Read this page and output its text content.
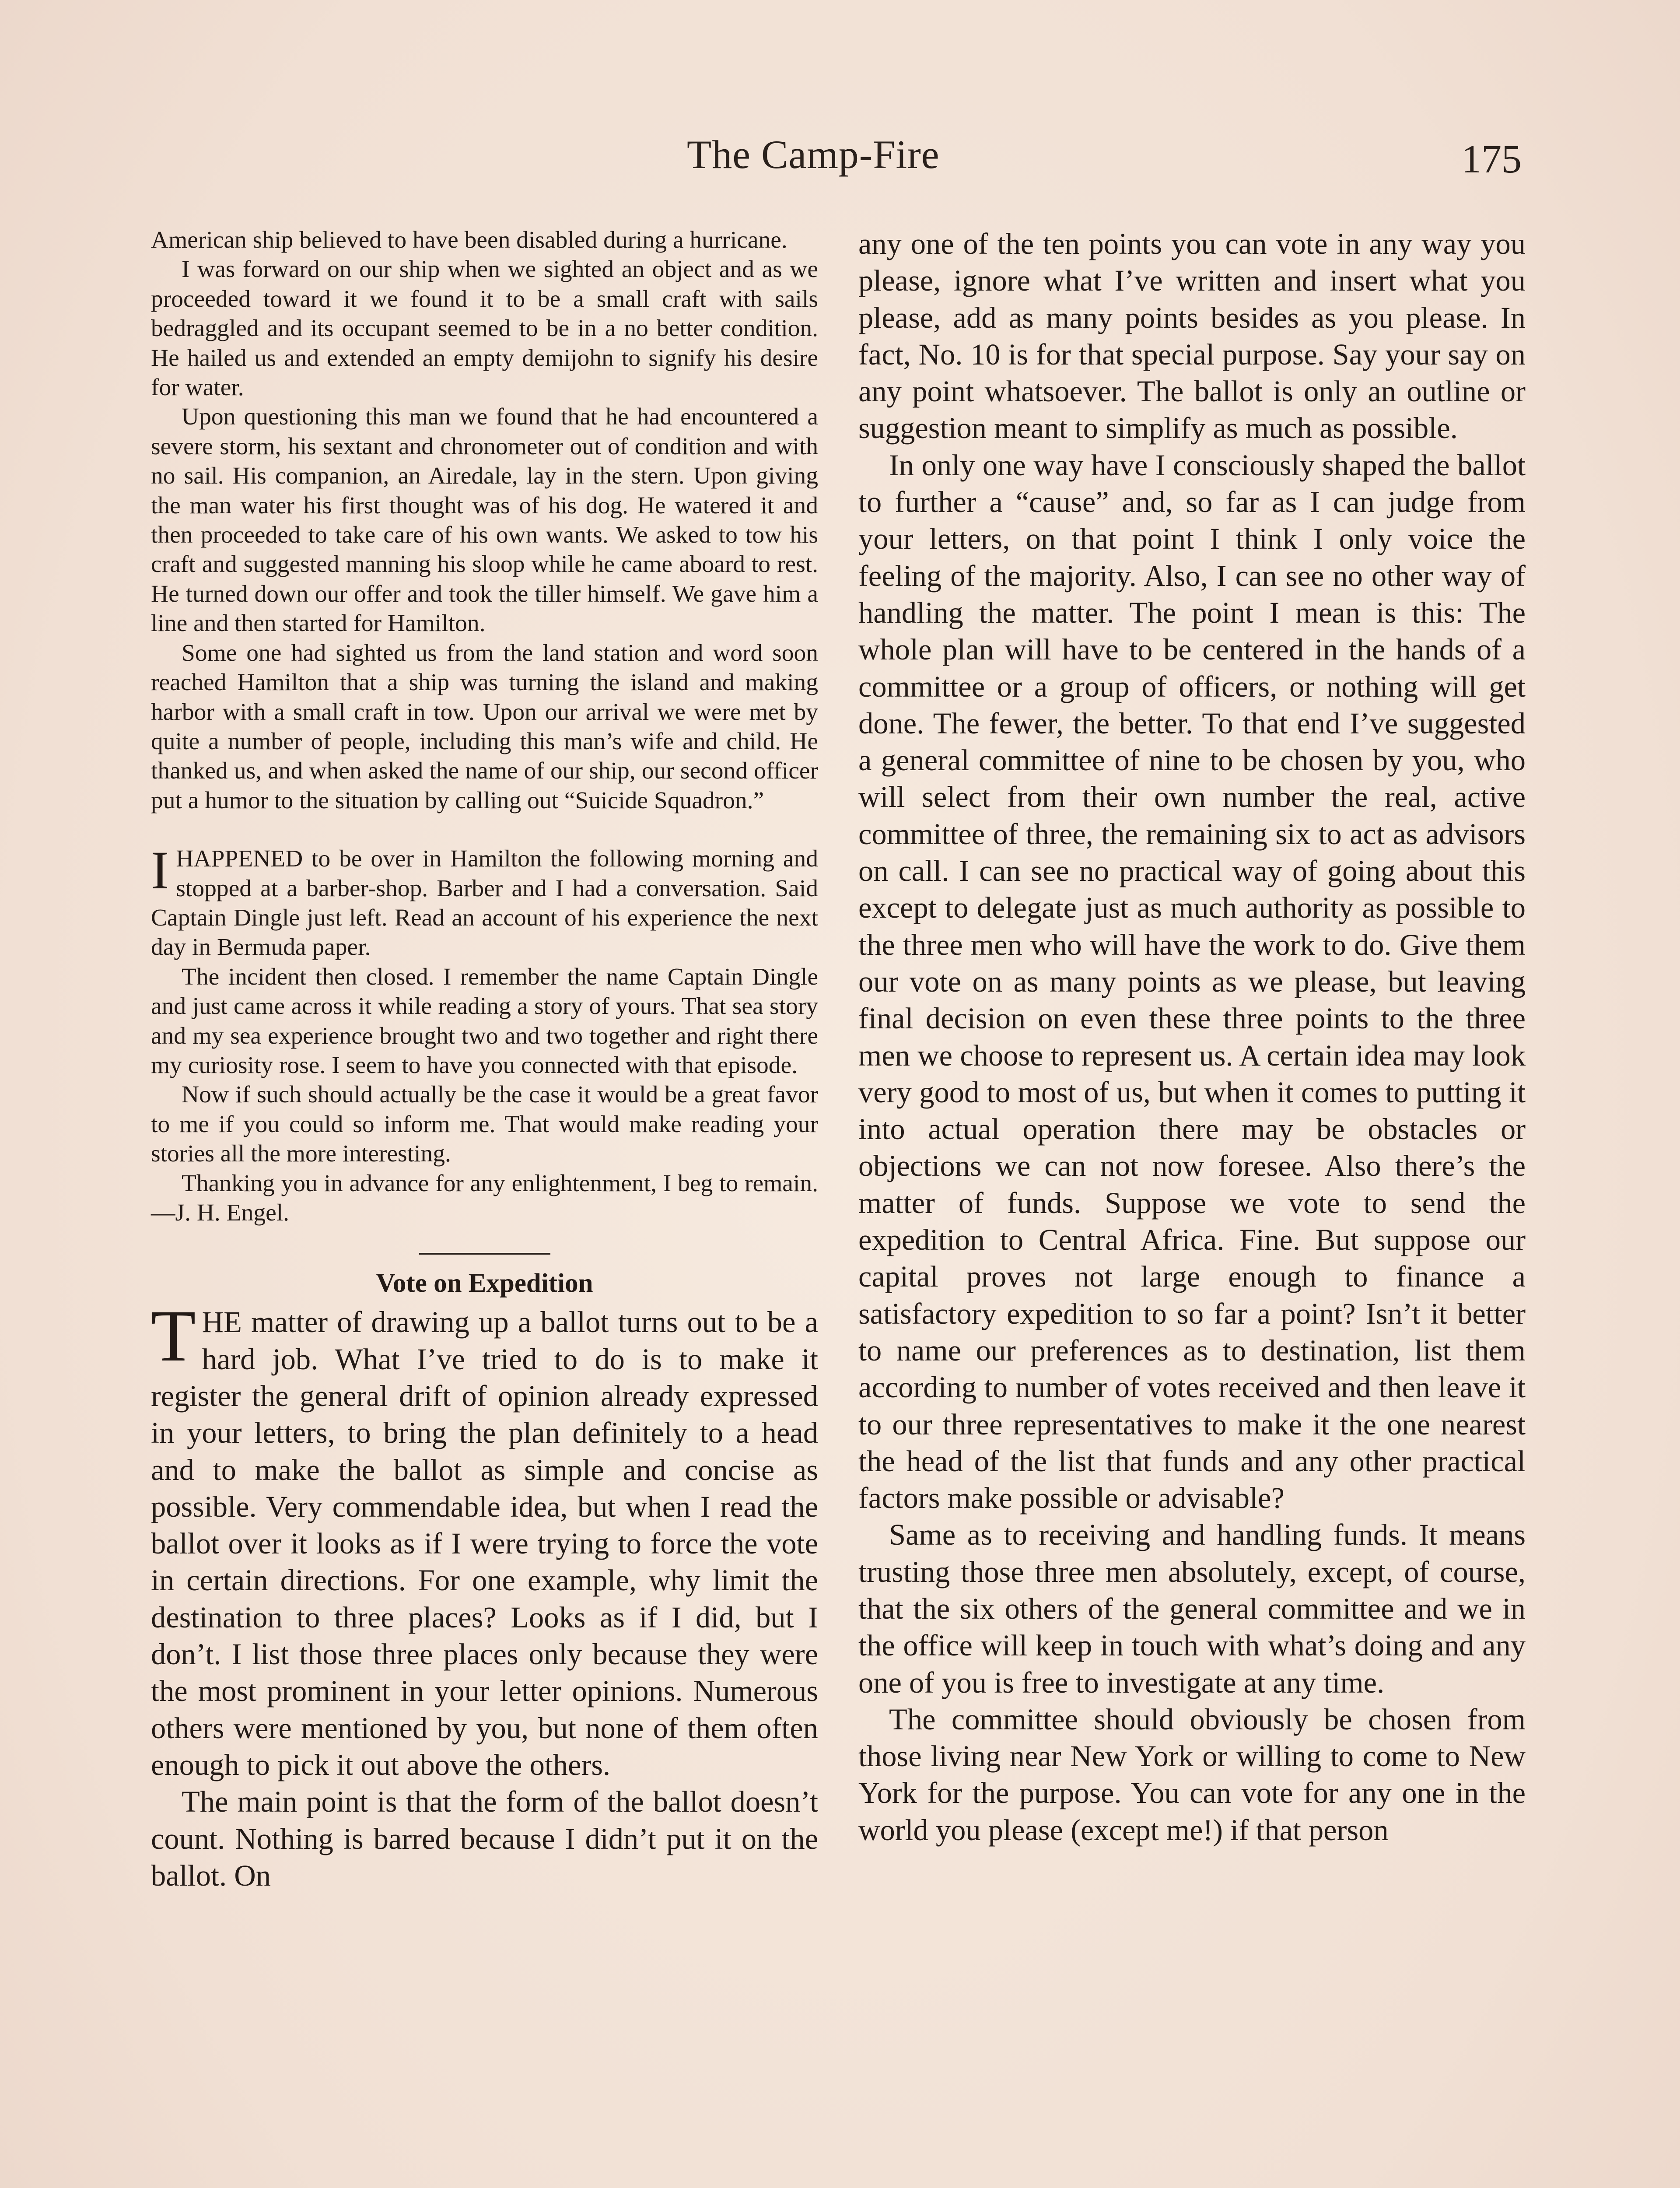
The Camp-Fire	175

American ship believed to have been disabled during a hurricane.

I was forward on our ship when we sighted an object and as we proceeded toward it we found it to be a small craft with sails bedraggled and its occupant seemed to be in a no better condition. He hailed us and extended an empty demijohn to signify his desire for water.

Upon questioning this man we found that he had encountered a severe storm, his sextant and chronometer out of condition and with no sail. His companion, an Airedale, lay in the stern. Upon giving the man water his first thought was of his dog. He watered it and then proceeded to take care of his own wants. We asked to tow his craft and suggested manning his sloop while he came aboard to rest. He turned down our offer and took the tiller himself. We gave him a line and then started for Hamilton.

Some one had sighted us from the land station and word soon reached Hamilton that a ship was turning the island and making harbor with a small craft in tow. Upon our arrival we were met by quite a number of people, including this man’s wife and child. He thanked us, and when asked the name of our ship, our second officer put a humor to the situation by calling out “Suicide Squadron.”

IHAPPENED to be over in Hamilton the following morning and stopped at a barber-shop. Barber and I had a conversation. Said Captain Dingle just left. Read an account of his experience the next day in Bermuda paper.

The incident then closed. I remember the name Captain Dingle and just came across it while reading a story of yours. That sea story and my sea experience brought two and two together and right there my curiosity rose. I seem to have you connected with that episode.

Now if such should actually be the case it would be a great favor to me if you could so inform me. That would make reading your stories all the more interesting.

Thanking you in advance for any enlightenment, I beg to remain.—J. H. Engel.

Vote on Expedition

THE matter of drawing up a ballot turns out to be a hard job. What I’ve tried to do is to make it register the general drift of opinion already expressed in your letters, to bring the plan definitely to a head and to make the ballot as simple and concise as possible. Very commendable idea, but when I read the ballot over it looks as if I were trying to force the vote in certain directions. For one example, why limit the destination to three places? Looks as if I did, but I don’t. I list those three places only because they were the most prominent in your letter opinions. Numerous others were mentioned by you, but none of them often enough to pick it out above the others.

The main point is that the form of the ballot doesn’t count. Nothing is barred because I didn’t put it on the ballot. On

any one of the ten points you can vote in any way you please, ignore what I’ve written and insert what you please, add as many points besides as you please. In fact, No. 10 is for that special purpose. Say your say on any point whatsoever. The ballot is only an outline or suggestion meant to simplify as much as possible.

In only one way have I consciously shaped the ballot to further a “cause” and, so far as I can judge from your letters, on that point I think I only voice the feeling of the majority. Also, I can see no other way of handling the matter. The point I mean is this: The whole plan will have to be centered in the hands of a committee or a group of officers, or nothing will get done. The fewer, the better. To that end I’ve suggested a general committee of nine to be chosen by you, who will select from their own number the real, active committee of three, the remaining six to act as advisors on call. I can see no practical way of going about this except to delegate just as much authority as possible to the three men who will have the work to do. Give them our vote on as many points as we please, but leaving final decision on even these three points to the three men we choose to represent us. A certain idea may look very good to most of us, but when it comes to putting it into actual operation there may be obstacles or objections we can not now foresee. Also there’s the matter of funds. Suppose we vote to send the expedition to Central Africa. Fine. But suppose our capital proves not large enough to finance a satisfactory expedition to so far a point? Isn’t it better to name our preferences as to destination, list them according to number of votes received and then leave it to our three representatives to make it the one nearest the head of the list that funds and any other practical factors make possible or advisable?

Same as to receiving and handling funds. It means trusting those three men absolutely, except, of course, that the six others of the general committee and we in the office will keep in touch with what’s doing and any one of you is free to investigate at any time.

The committee should obviously be chosen from those living near New York or willing to come to New York for the purpose. You can vote for any one in the world you please (except me!) if that person
